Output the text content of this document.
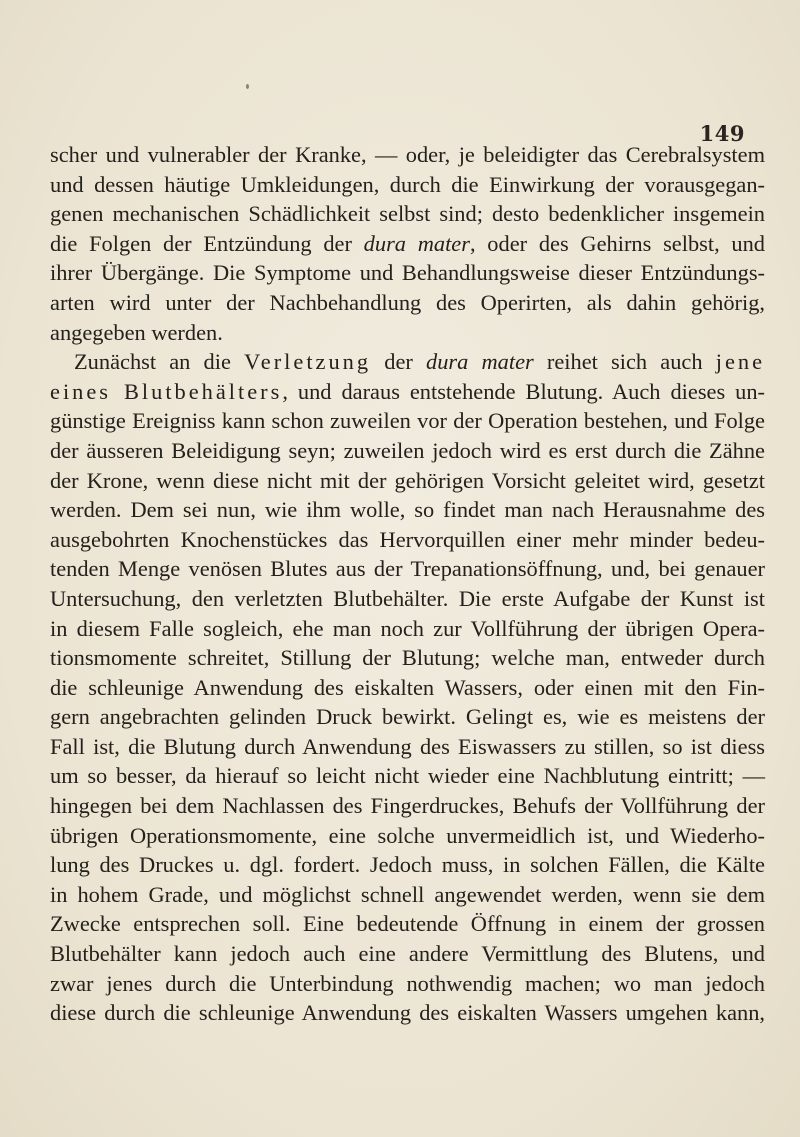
149
scher und vulnerabler der Kranke, — oder, je beleidigter das Cerebralsystem
und dessen häutige Umkleidungen, durch die Einwirkung der vorausgegan-
genen mechanischen Schädlichkeit selbst sind; desto bedenklicher insgemein
die Folgen der Entzündung der dura mater, oder des Gehirns selbst, und
ihrer Übergänge. Die Symptome und Behandlungsweise dieser Entzündungs-
arten wird unter der Nachbehandlung des Operirten, als dahin gehörig,
angegeben werden.
Zunächst an die Verletzung der dura mater reihet sich auch jene
eines Blutbehälters, und daraus entstehende Blutung. Auch dieses un-
günstige Ereigniss kann schon zuweilen vor der Operation bestehen, und Folge
der äusseren Beleidigung seyn; zuweilen jedoch wird es erst durch die Zähne
der Krone, wenn diese nicht mit der gehörigen Vorsicht geleitet wird, gesetzt
werden. Dem sei nun, wie ihm wolle, so findet man nach Herausnahme des
ausgebohrten Knochenstückes das Hervorquillen einer mehr minder bedeu-
tenden Menge venösen Blutes aus der Trepanationsöffnung, und, bei genauer
Untersuchung, den verletzten Blutbehälter. Die erste Aufgabe der Kunst ist
in diesem Falle sogleich, ehe man noch zur Vollführung der übrigen Opera-
tionsmomente schreitet, Stillung der Blutung; welche man, entweder durch
die schleunige Anwendung des eiskalten Wassers, oder einen mit den Fin-
gern angebrachten gelinden Druck bewirkt. Gelingt es, wie es meistens der
Fall ist, die Blutung durch Anwendung des Eiswassers zu stillen, so ist diess
um so besser, da hierauf so leicht nicht wieder eine Nachblutung eintritt; —
hingegen bei dem Nachlassen des Fingerdruckes, Behufs der Vollführung der
übrigen Operationsmomente, eine solche unvermeidlich ist, und Wiederho-
lung des Druckes u. dgl. fordert. Jedoch muss, in solchen Fällen, die Kälte
in hohem Grade, und möglichst schnell angewendet werden, wenn sie dem
Zwecke entsprechen soll. Eine bedeutende Öffnung in einem der grossen
Blutbehälter kann jedoch auch eine andere Vermittlung des Blutens, und
zwar jenes durch die Unterbindung nothwendig machen; wo man jedoch
diese durch die schleunige Anwendung des eiskalten Wassers umgehen kann,
